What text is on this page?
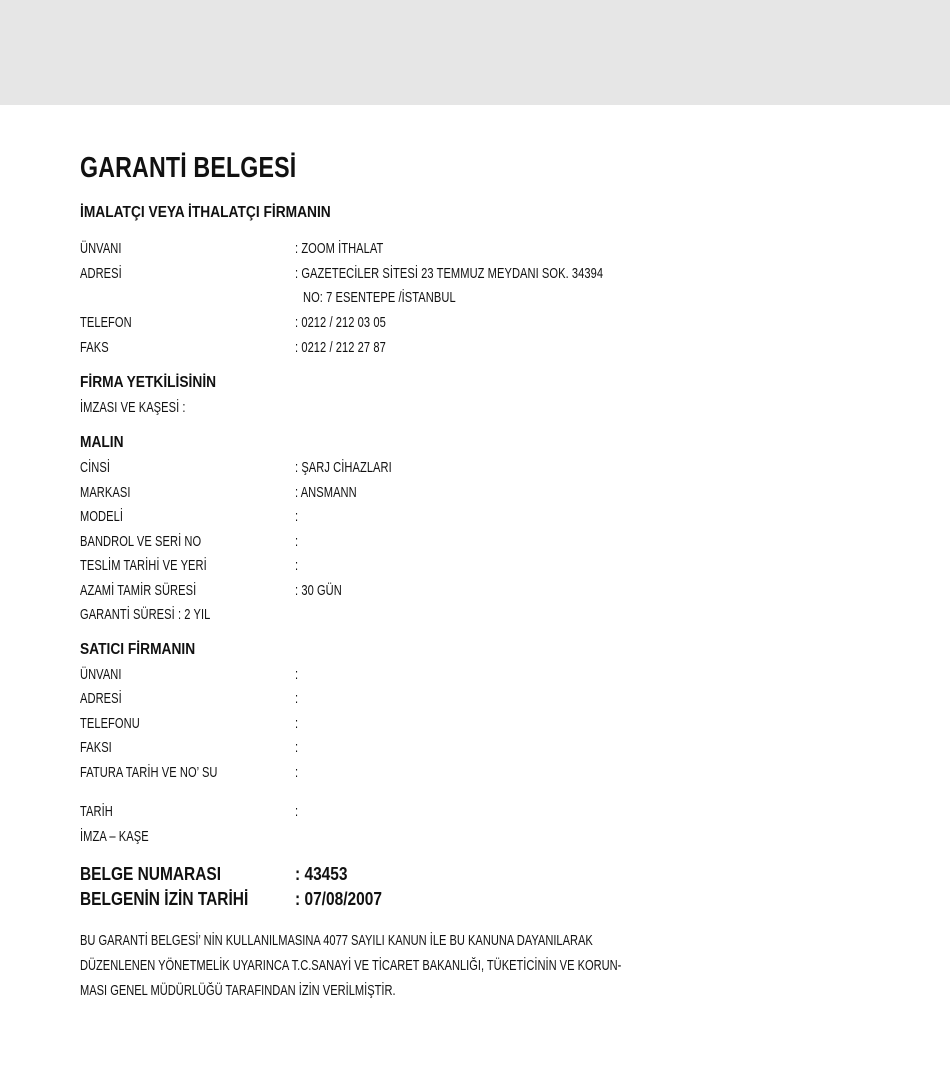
GARANTİ BELGESİ
İMALATÇI VEYA İTHALATÇI FİRMANIN
ÜNVANI	: ZOOM İTHALAT
ADRESİ	: GAZETECİLER SİTESİ 23 TEMMUZ MEYDANI SOK. 34394
NO: 7 ESENTEPE /İSTANBUL
TELEFON	: 0212 / 212 03 05
FAKS	: 0212 / 212 27 87
FİRMA YETKİLİSİNİN
İMZASI VE KAŞESİ :
MALIN
CİNSİ	: ŞARJ CİHAZLARI
MARKASI	: ANSMANN
MODELİ	:
BANDROL VE SERİ NO	:
TESLİM TARİHİ VE YERİ	:
AZAMİ TAMİR SÜRESİ	: 30 GÜN
GARANTİ SÜRESİ : 2 YIL
SATICI FİRMANIN
ÜNVANI	:
ADRESİ	:
TELEFONU	:
FAKSI	:
FATURA TARİH VE NO’ SU	:
TARİH	:
İMZA – KAŞE
BELGE NUMARASI	: 43453
BELGENİN İZİN TARİHİ	: 07/08/2007
BU GARANTİ BELGESİ’ NİN KULLANILMASINA 4077 SAYILI KANUN İLE BU KANUNA DAYANILARAK
DÜZENLENEN YÖNETMELİK UYARINCA T.C.SANAYİ VE TİCARET BAKANLIĞI, TÜKETİCİNİN VE KORUN-
MASI GENEL MÜDÜRLÜĞÜ TARAFINDAN İZİN VERİLMİŞTİR.
